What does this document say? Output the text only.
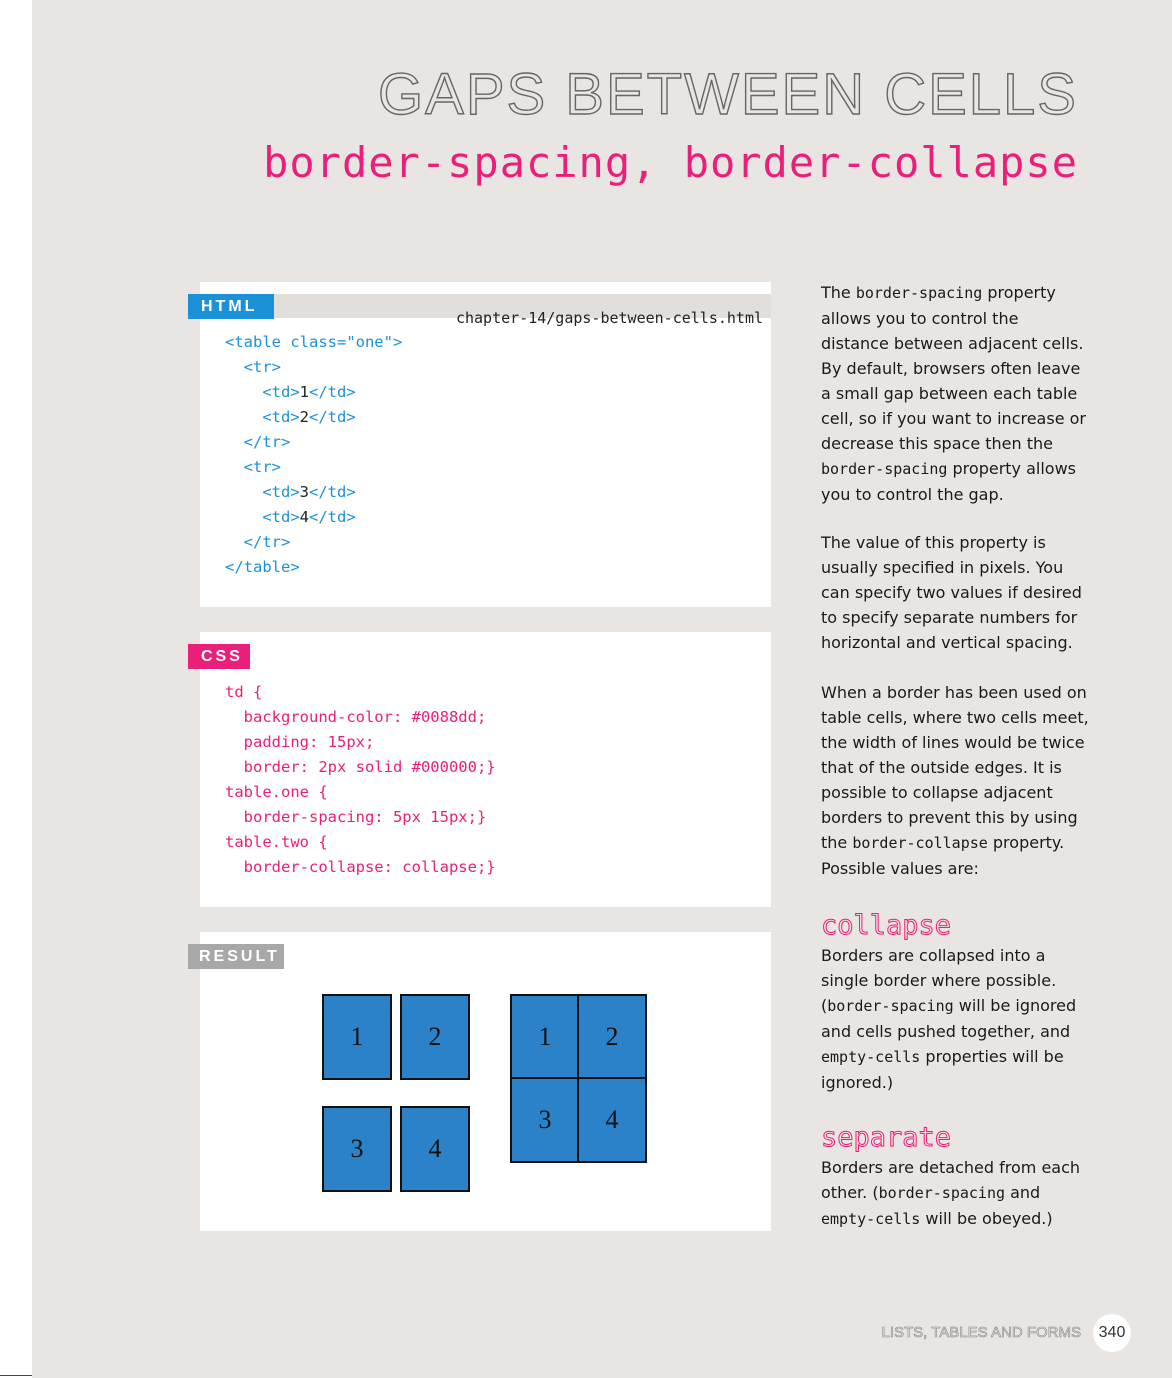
GAPS BETWEEN CELLS
border-spacing, border-collapse
chapter-14/gaps-between-cells.html
<table class="one">
<tr>
<td>1</td>
<td>2</td>
</tr>
<tr>
<td>3</td>
<td>4</td>
</tr>
</table>
HTML
td {
background-color: #0088dd;
padding: 15px;
border: 2px solid #000000;}
table.one {
border-spacing: 5px 15px;}
table.two {
border-collapse: collapse;}
CSS
1	2
3	4
1	2
3	4
RESULT

The border-spacing property allows you to control the distance between adjacent cells. By default, browsers often leave a small gap between each table cell, so if you want to increase or decrease this space then the border-spacing property allows you to control the gap.

The value of this property is usually specified in pixels. You can specify two values if desired to specify separate numbers for horizontal and vertical spacing.

When a border has been used on table cells, where two cells meet, the width of lines would be twice that of the outside edges. It is possible to collapse adjacent borders to prevent this by using the border-collapse property. Possible values are:

collapse

Borders are collapsed into a single border where possible. (border-spacing will be ignored and cells pushed together, and empty-cells properties will be ignored.)

separate

Borders are detached from each other. (border-spacing and empty-cells will be obeyed.)

LISTS, TABLES AND FORMS	340
